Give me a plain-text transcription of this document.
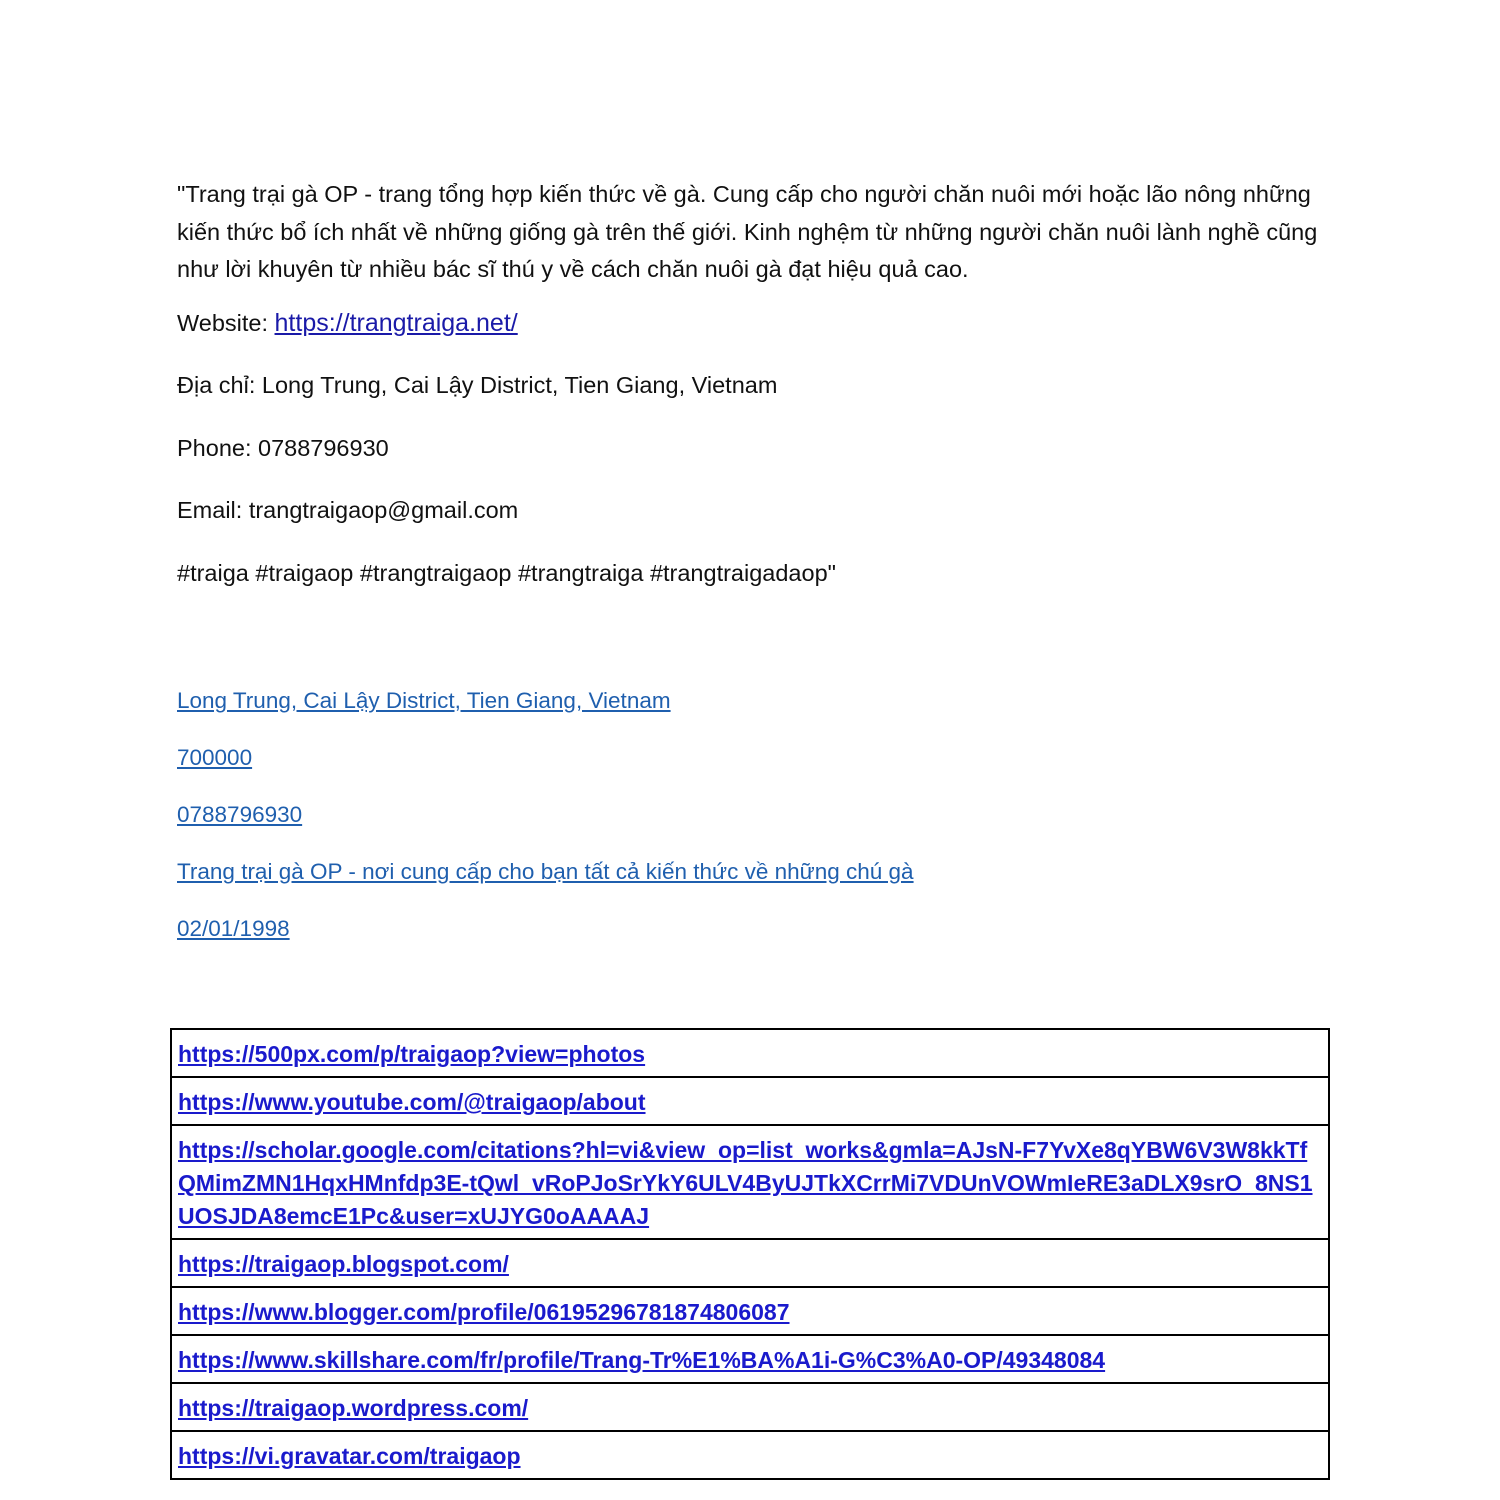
"Trang trại gà OP - trang tổng hợp kiến thức về gà. Cung cấp cho người chăn nuôi mới hoặc lão nông những kiến thức bổ ích nhất về những giống gà trên thế giới. Kinh nghệm từ những người chăn nuôi lành nghề cũng như lời khuyên từ nhiều bác sĩ thú y về cách chăn nuôi gà đạt hiệu quả cao.

Website: https://trangtraiga.net/

Địa chỉ: Long Trung, Cai Lậy District, Tien Giang, Vietnam

Phone: 0788796930

Email: trangtraigaop@gmail.com

#traiga #traigaop #trangtraigaop #trangtraiga #trangtraigadaop"

Long Trung, Cai Lậy District, Tien Giang, Vietnam
700000
0788796930
Trang trại gà OP - nơi cung cấp cho bạn tất cả kiến thức về những chú gà
02/01/1998
https://500px.com/p/traigaop?view=photos
https://www.youtube.com/@traigaop/about
https://scholar.google.com/citations?hl=vi&view_op=list_works&gmla=AJsN-F7YvXe8qYBW6V3W8kkTfQMimZMN1HqxHMnfdp3E-tQwl_vRoPJoSrYkY6ULV4ByUJTkXCrrMi7VDUnVOWmIeRE3aDLX9srO_8NS1UOSJDA8emcE1Pc&user=xUJYG0oAAAAJ
https://traigaop.blogspot.com/
https://www.blogger.com/profile/06195296781874806087
https://www.skillshare.com/fr/profile/Trang-Tr%E1%BA%A1i-G%C3%A0-OP/49348084
https://traigaop.wordpress.com/
https://vi.gravatar.com/traigaop
